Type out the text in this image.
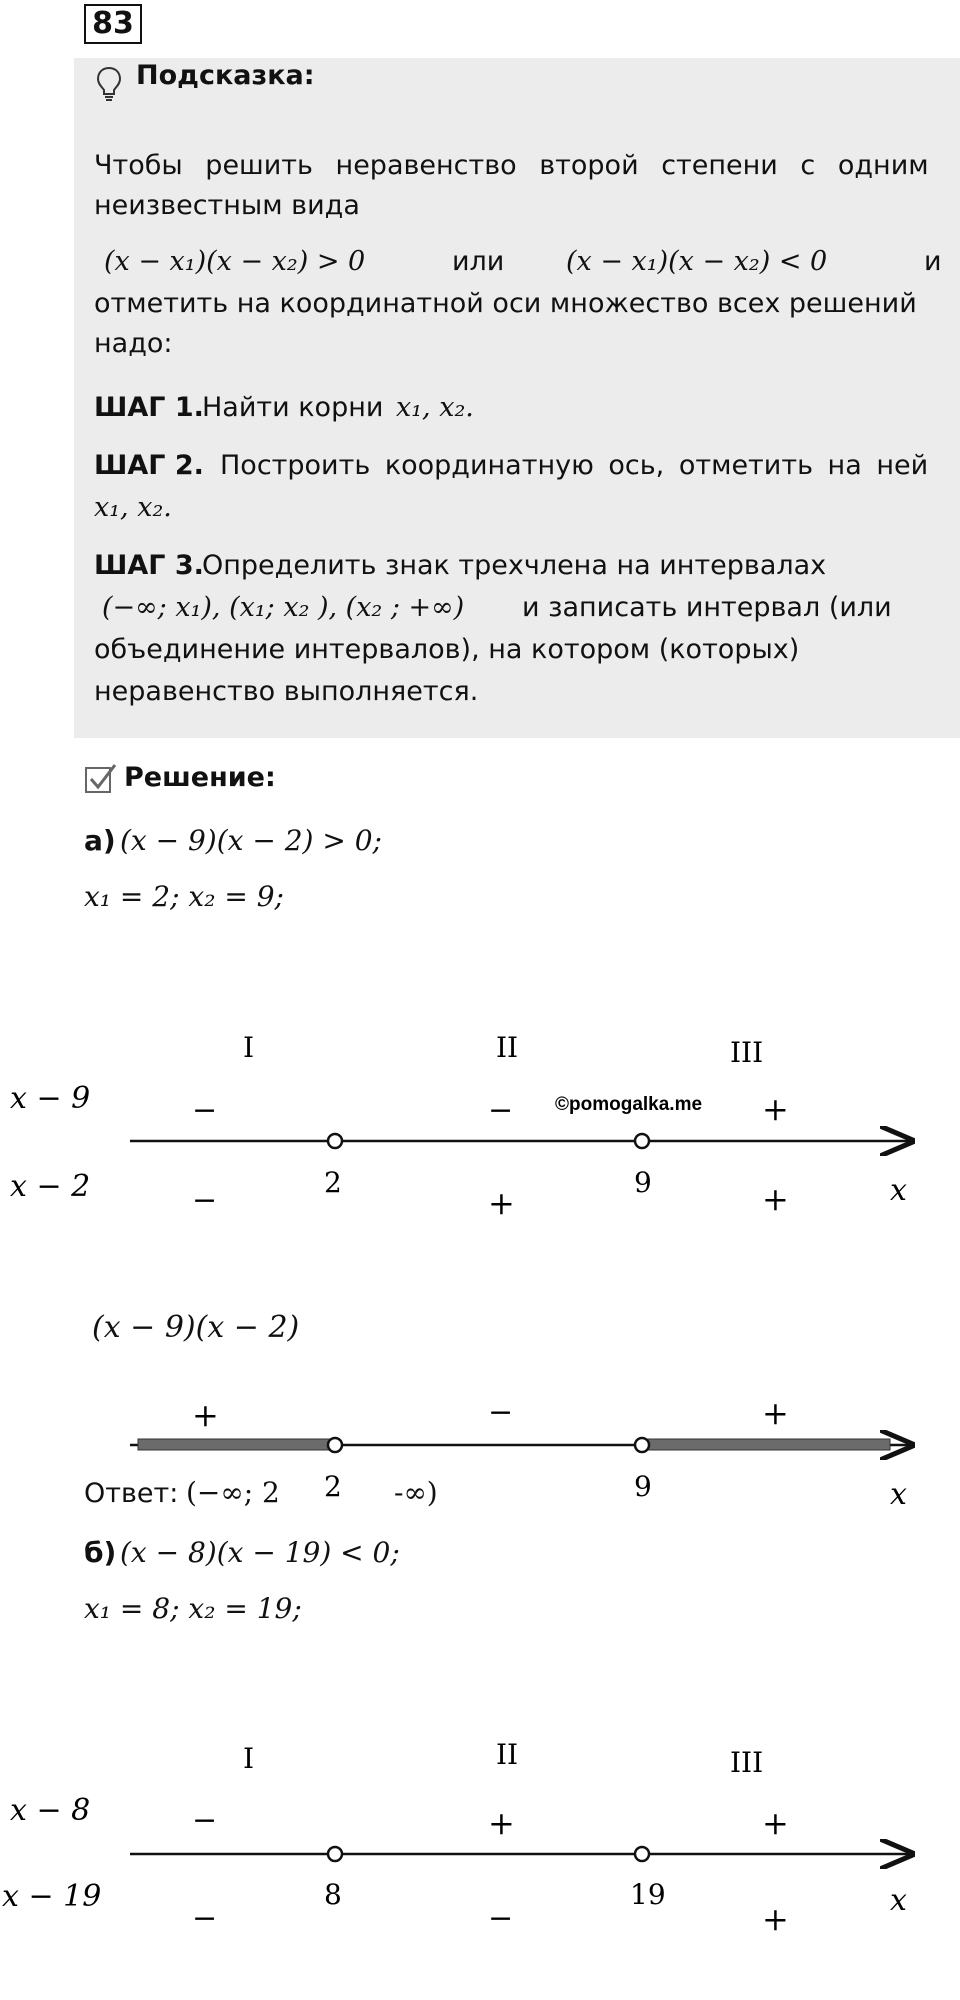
83
Подсказка:
Чтобы решить неравенство второй степени с одним
неизвестным вида
(x − x₁)(x − x₂) > 0	или (x − x₁)(x − x₂) < 0	и
отметить на координатной оси множество всех решений
надо:
ШАГ 1.
Найти корни x₁, x₂.
ШАГ 2. Построить координатную ось, отметить на ней
x₁, x₂.
ШАГ 3.
Определить знак трехчлена на интервалах
(−∞; x₁), (x₁; x₂ ), (x₂ ; +∞) и записать интервал (или
объединение интервалов), на котором (которых)
неравенство выполняется.
Решение:
а) (x − 9)(x − 2) > 0;
x₁ = 2; x₂ = 9;
I	II	III
x − 9
x − 2
−	−	+
©pomogalka.me
2	9	x
−	+	+
(x − 9)(x − 2)
+	−	+
2	9	x
Ответ: (−∞; 2	-∞)
б) (x − 8)(x − 19) < 0;
x₁ = 8; x₂ = 19;
I	II	III
x − 8
x − 19
−	+	+
8	19	x
−	−	+
